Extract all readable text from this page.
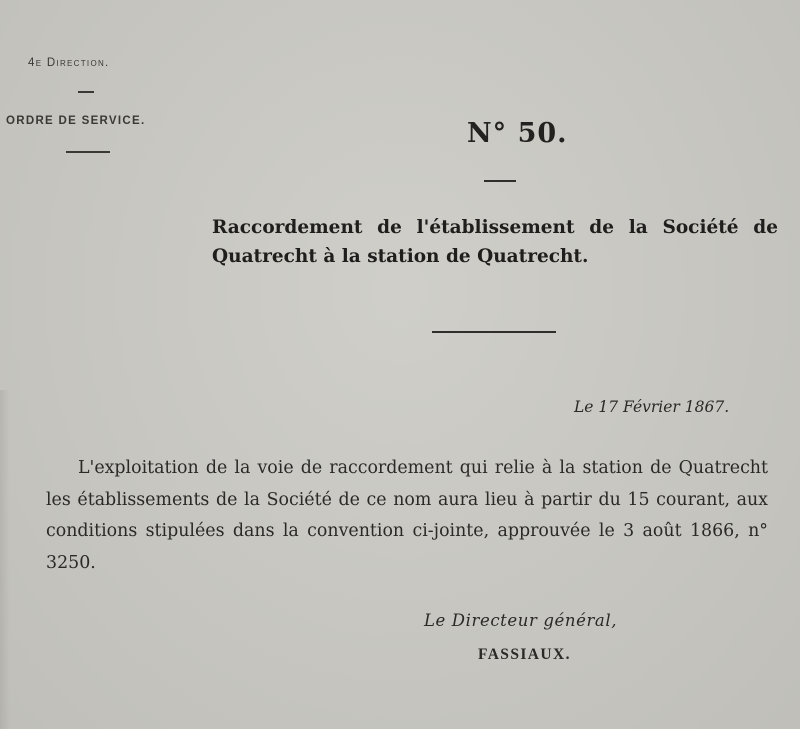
4e Direction.
ORDRE DE SERVICE.	N° 50.
Raccordement de l'établissement de la Société de Quatrecht à la station de Quatrecht.
Le 17 Février 1867.

L'exploitation de la voie de raccordement qui relie à la station de Quatrecht les établissements de la Société de ce nom aura lieu à partir du 15 courant, aux conditions stipulées dans la convention ci-jointe, approuvée le 3 août 1866, n° 3250.

Le Directeur général,
FASSIAUX.
